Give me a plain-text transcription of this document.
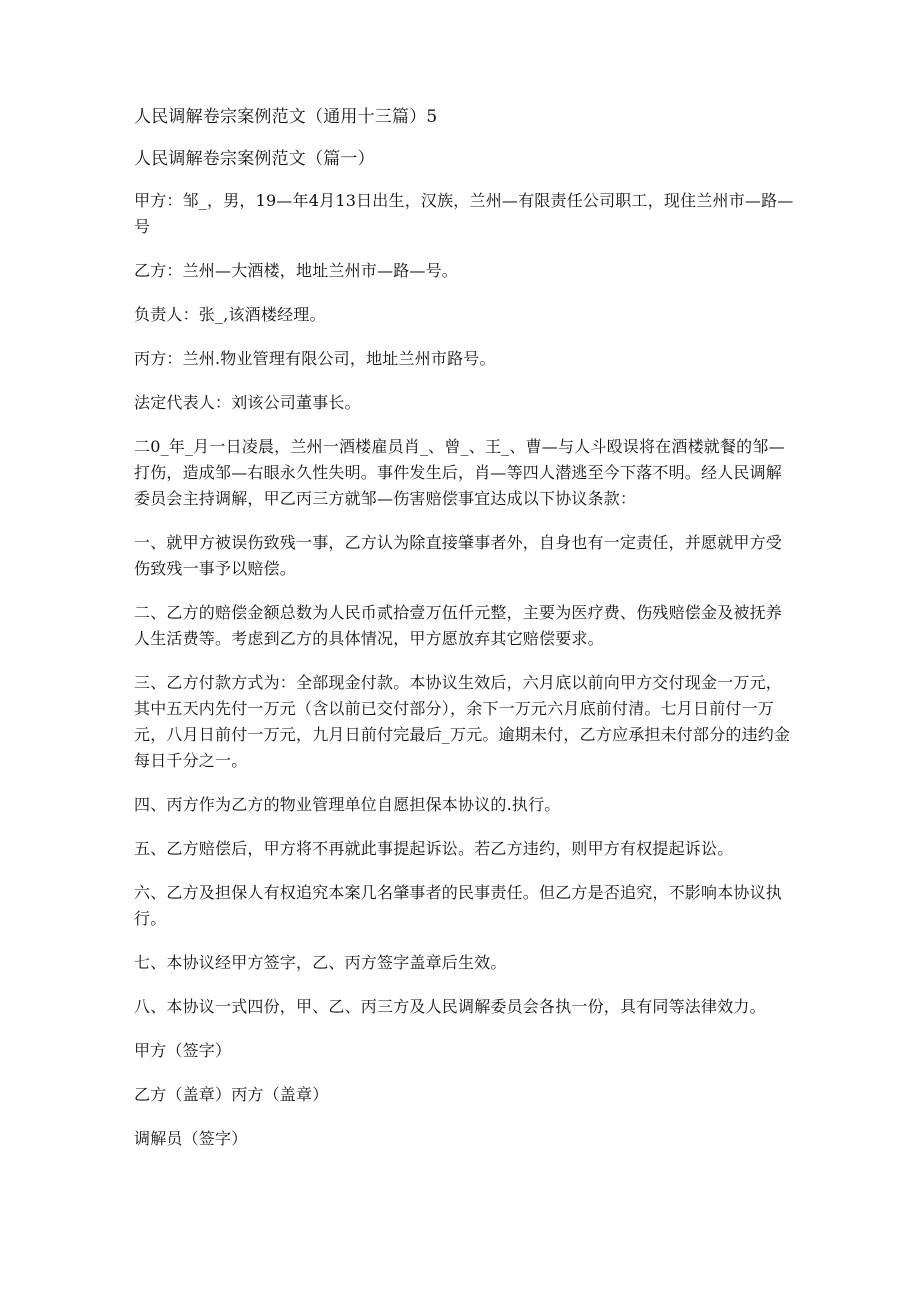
人民调解卷宗案例范文（通用十三篇）5
人民调解卷宗案例范文（篇一）

甲方：邹_，男，19—年4月13日出生，汉族，兰州—有限责任公司职工，现住兰州市—路—号

乙方：兰州—大酒楼，地址兰州市—路—号。

负责人：张_,该酒楼经理。

丙方：兰州.物业管理有限公司，地址兰州市路号。

法定代表人：刘该公司董事长。

二0_年_月一日凌晨，兰州一酒楼雇员肖_、曾_、王_、曹—与人斗殴误将在酒楼就餐的邹—打伤，造成邹—右眼永久性失明。事件发生后，肖—等四人潜逃至今下落不明。经人民调解委员会主持调解，甲乙丙三方就邹—伤害赔偿事宜达成以下协议条款：

一、就甲方被误伤致残一事，乙方认为除直接肇事者外，自身也有一定责任，并愿就甲方受伤致残一事予以赔偿。

二、乙方的赔偿金额总数为人民币贰拾壹万伍仟元整，主要为医疗费、伤残赔偿金及被抚养人生活费等。考虑到乙方的具体情况，甲方愿放弃其它赔偿要求。

三、乙方付款方式为：全部现金付款。本协议生效后，六月底以前向甲方交付现金一万元，其中五天内先付一万元（含以前已交付部分），余下一万元六月底前付清。七月日前付一万元，八月日前付一万元，九月日前付完最后_万元。逾期未付，乙方应承担未付部分的违约金每日千分之一。

四、丙方作为乙方的物业管理单位自愿担保本协议的.执行。

五、乙方赔偿后，甲方将不再就此事提起诉讼。若乙方违约，则甲方有权提起诉讼。

六、乙方及担保人有权追究本案几名肇事者的民事责任。但乙方是否追究，不影响本协议执行。

七、本协议经甲方签字，乙、丙方签字盖章后生效。

八、本协议一式四份，甲、乙、丙三方及人民调解委员会各执一份，具有同等法律效力。

甲方（签字）

乙方（盖章）丙方（盖章）

调解员（签字）
